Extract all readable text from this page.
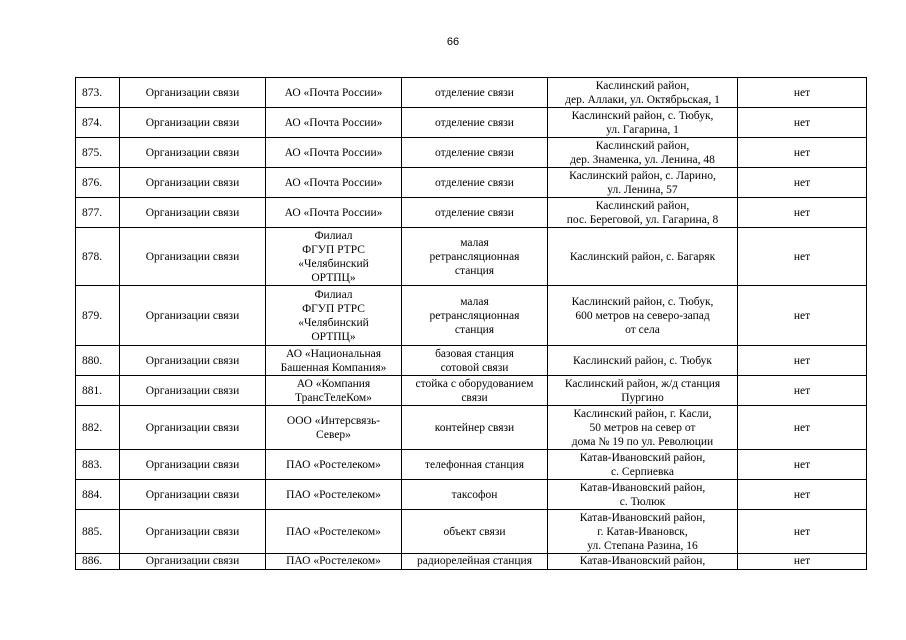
66
873.	Организации связи	АО «Почта России»	отделение связи	Каслинский район,
дер. Аллаки, ул. Октябрьская, 1	нет
874.	Организации связи	АО «Почта России»	отделение связи	Каслинский район, с. Тюбук,
ул. Гагарина, 1	нет
875.	Организации связи	АО «Почта России»	отделение связи	Каслинский район,
дер. Знаменка, ул. Ленина, 48	нет
876.	Организации связи	АО «Почта России»	отделение связи	Каслинский район, с. Ларино,
ул. Ленина, 57	нет
877.	Организации связи	АО «Почта России»	отделение связи	Каслинский район,
пос. Береговой, ул. Гагарина, 8	нет
878.	Организации связи	Филиал
ФГУП РТРС
«Челябинский
ОРТПЦ»	малая
ретрансляционная
станция	Каслинский район, с. Багаряк	нет
879.	Организации связи	Филиал
ФГУП РТРС
«Челябинский
ОРТПЦ»	малая
ретрансляционная
станция	Каслинский район, с. Тюбук,
600 метров на северо-запад
от села	нет
880.	Организации связи	АО «Национальная
Башенная Компания»	базовая станция
сотовой связи	Каслинский район, с. Тюбук	нет
881.	Организации связи	АО «Компания
ТрансТелеКом»	стойка с оборудованием
связи	Каслинский район, ж/д станция
Пургино	нет
882.	Организации связи	ООО «Интерсвязь-
Север»	контейнер связи	Каслинский район, г. Касли,
50 метров на север от
дома № 19 по ул. Революции	нет
883.	Организации связи	ПАО «Ростелеком»	телефонная станция	Катав-Ивановский район,
с. Серпиевка	нет
884.	Организации связи	ПАО «Ростелеком»	таксофон	Катав-Ивановский район,
с. Тюлюк	нет
885.	Организации связи	ПАО «Ростелеком»	объект связи	Катав-Ивановский район,
г. Катав-Ивановск,
ул. Степана Разина, 16	нет
886.	Организации связи	ПАО «Ростелеком»	радиорелейная станция	Катав-Ивановский район,	нет
